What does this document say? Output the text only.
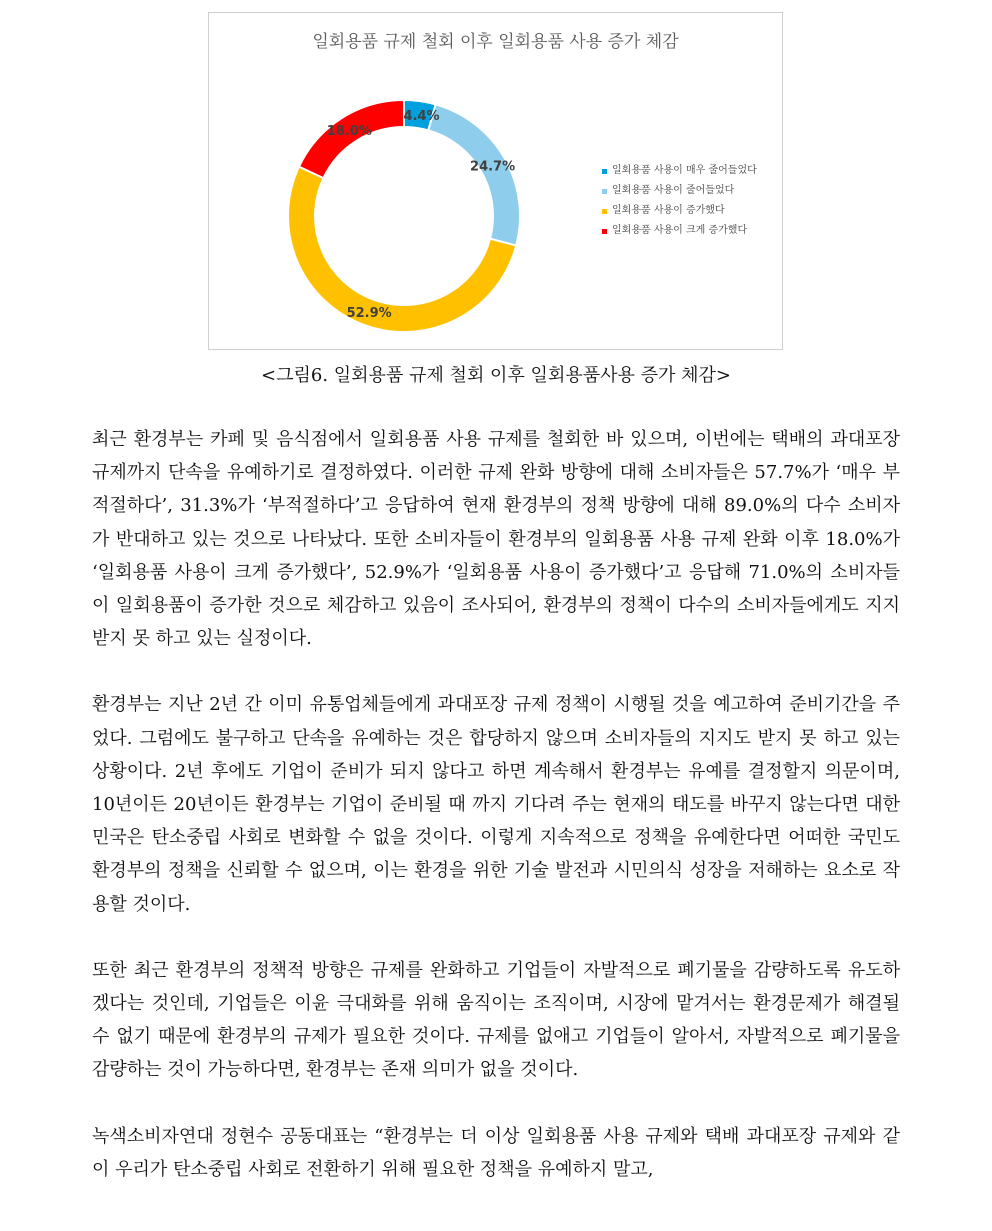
일회용품 규제 철회 이후 일회용품 사용 증가 체감
4.4%
24.7%
52.9%
18.0%
일회용품 사용이 매우 줄어들었다
일회용품 사용이 줄어들었다
일회용품 사용이 증가했다
일회용품 사용이 크게 증가했다
<그림6. 일회용품 규제 철회 이후 일회용품사용 증가 체감>

최근 환경부는 카페 및 음식점에서 일회용품 사용 규제를 철회한 바 있으며, 이번에는 택배의 과대포장 규제까지 단속을 유예하기로 결정하였다. 이러한 규제 완화 방향에 대해 소비자들은 57.7%가 ‘매우 부적절하다’, 31.3%가 ‘부적절하다’고 응답하여 현재 환경부의 정책 방향에 대해 89.0%의 다수 소비자가 반대하고 있는 것으로 나타났다. 또한 소비자들이 환경부의 일회용품 사용 규제 완화 이후 18.0%가 ‘일회용품 사용이 크게 증가했다’, 52.9%가 ‘일회용품 사용이 증가했다’고 응답해 71.0%의 소비자들이 일회용품이 증가한 것으로 체감하고 있음이 조사되어, 환경부의 정책이 다수의 소비자들에게도 지지받지 못 하고 있는 실정이다.

환경부는 지난 2년 간 이미 유통업체들에게 과대포장 규제 정책이 시행될 것을 예고하여 준비기간을 주었다. 그럼에도 불구하고 단속을 유예하는 것은 합당하지 않으며 소비자들의 지지도 받지 못 하고 있는 상황이다. 2년 후에도 기업이 준비가 되지 않다고 하면 계속해서 환경부는 유예를 결정할지 의문이며, 10년이든 20년이든 환경부는 기업이 준비될 때 까지 기다려 주는 현재의 태도를 바꾸지 않는다면 대한민국은 탄소중립 사회로 변화할 수 없을 것이다. 이렇게 지속적으로 정책을 유예한다면 어떠한 국민도 환경부의 정책을 신뢰할 수 없으며, 이는 환경을 위한 기술 발전과 시민의식 성장을 저해하는 요소로 작용할 것이다.

또한 최근 환경부의 정책적 방향은 규제를 완화하고 기업들이 자발적으로 폐기물을 감량하도록 유도하겠다는 것인데, 기업들은 이윤 극대화를 위해 움직이는 조직이며, 시장에 맡겨서는 환경문제가 해결될 수 없기 때문에 환경부의 규제가 필요한 것이다. 규제를 없애고 기업들이 알아서, 자발적으로 폐기물을 감량하는 것이 가능하다면, 환경부는 존재 의미가 없을 것이다.

녹색소비자연대 정현수 공동대표는 “환경부는 더 이상 일회용품 사용 규제와 택배 과대포장 규제와 같이 우리가 탄소중립 사회로 전환하기 위해 필요한 정책을 유예하지 말고,
